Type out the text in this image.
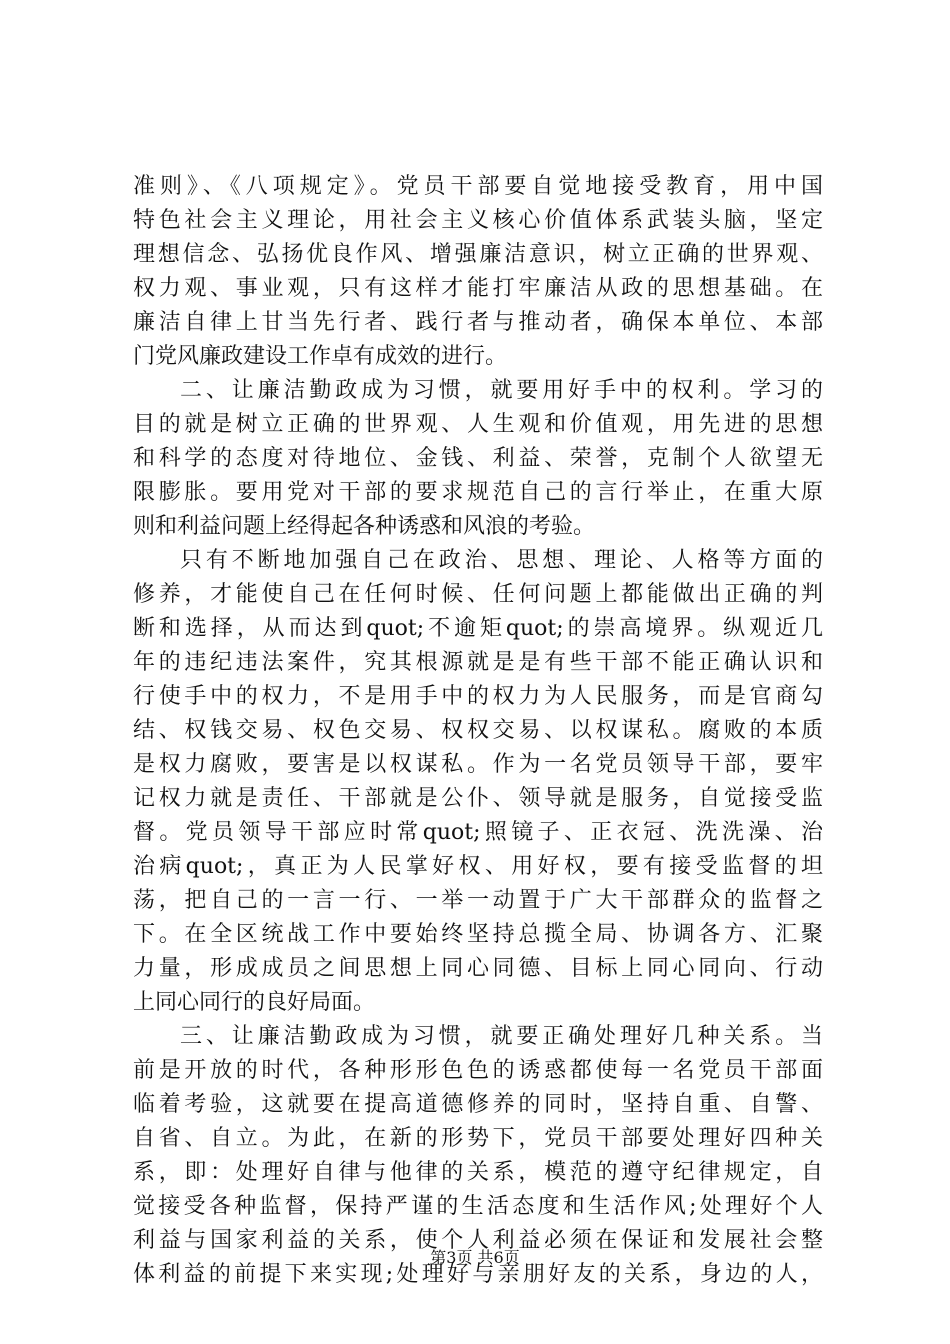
准则》、《八项规定》。党员干部要自觉地接受教育，用中国
特色社会主义理论，用社会主义核心价值体系武装头脑，坚定
理想信念、弘扬优良作风、增强廉洁意识，树立正确的世界观、
权力观、事业观，只有这样才能打牢廉洁从政的思想基础。在
廉洁自律上甘当先行者、践行者与推动者，确保本单位、本部
门党风廉政建设工作卓有成效的进行。
二、让廉洁勤政成为习惯，就要用好手中的权利。学习的
目的就是树立正确的世界观、人生观和价值观，用先进的思想
和科学的态度对待地位、金钱、利益、荣誉，克制个人欲望无
限膨胀。要用党对干部的要求规范自己的言行举止，在重大原
则和利益问题上经得起各种诱惑和风浪的考验。
只有不断地加强自己在政治、思想、理论、人格等方面的
修养，才能使自己在任何时候、任何问题上都能做出正确的判
断和选择，从而达到quot;不逾矩quot;的崇高境界。纵观近几
年的违纪违法案件，究其根源就是是有些干部不能正确认识和
行使手中的权力，不是用手中的权力为人民服务，而是官商勾
结、权钱交易、权色交易、权权交易、以权谋私。腐败的本质
是权力腐败，要害是以权谋私。作为一名党员领导干部，要牢
记权力就是责任、干部就是公仆、领导就是服务，自觉接受监
督。党员领导干部应时常quot;照镜子、正衣冠、洗洗澡、治
治病quot;，真正为人民掌好权、用好权，要有接受监督的坦
荡，把自己的一言一行、一举一动置于广大干部群众的监督之
下。在全区统战工作中要始终坚持总揽全局、协调各方、汇聚
力量，形成成员之间思想上同心同德、目标上同心同向、行动
上同心同行的良好局面。
三、让廉洁勤政成为习惯，就要正确处理好几种关系。当
前是开放的时代，各种形形色色的诱惑都使每一名党员干部面
临着考验，这就要在提高道德修养的同时，坚持自重、自警、
自省、自立。为此，在新的形势下，党员干部要处理好四种关
系，即：处理好自律与他律的关系，模范的遵守纪律规定，自
觉接受各种监督，保持严谨的生活态度和生活作风;处理好个人
利益与国家利益的关系，使个人利益必须在保证和发展社会整
体利益的前提下来实现;处理好与亲朋好友的关系，身边的人，
第3页 共6页
